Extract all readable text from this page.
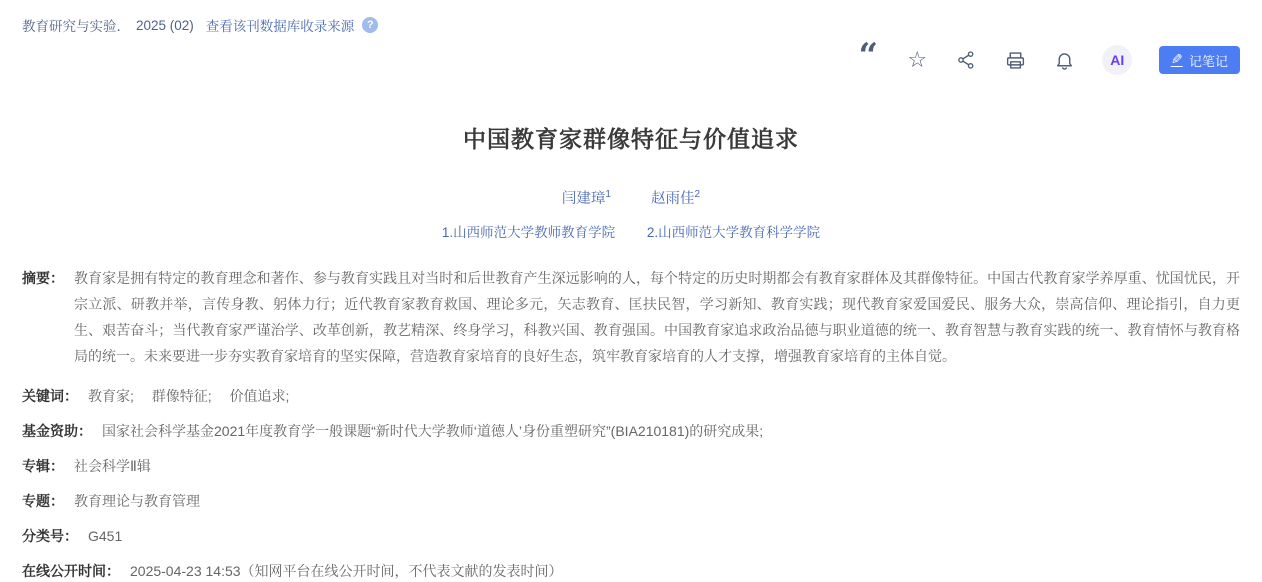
教育研究与实验． 2025 (02) 查看该刊数据库收录来源	?
“ ☆	AI	✎ 记笔记
中国教育家群像特征与价值追求
闫建璋$^1$	赵雨佳$^2$
1.山西师范大学教师教育学院 2.山西师范大学教育科学学院
摘要： 教育家是拥有特定的教育理念和著作、参与教育实践且对当时和后世教育产生深远影响的人，每个特定的历史时期都会有教育家群体及其群像特征。中国古代教育家学养厚重、忧国忧民，开宗立派、研教并举，言传身教、躬体力行；近代教育家教育救国、理论多元，矢志教育、匡扶民智，学习新知、教育实践；现代教育家爱国爱民、服务大众，崇高信仰、理论指引，自力更生、艰苦奋斗；当代教育家严谨治学、改革创新，教艺精深、终身学习，科教兴国、教育强国。中国教育家追求政治品德与职业道德的统一、教育智慧与教育实践的统一、教育情怀与教育格局的统一。未来要进一步夯实教育家培育的坚实保障，营造教育家培育的良好生态，筑牢教育家培育的人才支撑，增强教育家培育的主体自觉。
关键词： 教育家; 群像特征; 价值追求;
基金资助： 国家社会科学基金2021年度教育学一般课题“新时代大学教师‘道德人’身份重塑研究”(BIA210181)的研究成果;
专辑： 社会科学Ⅱ辑
专题： 教育理论与教育管理
分类号： G451
在线公开时间： 2025-04-23 14:53（知网平台在线公开时间，不代表文献的发表时间）
